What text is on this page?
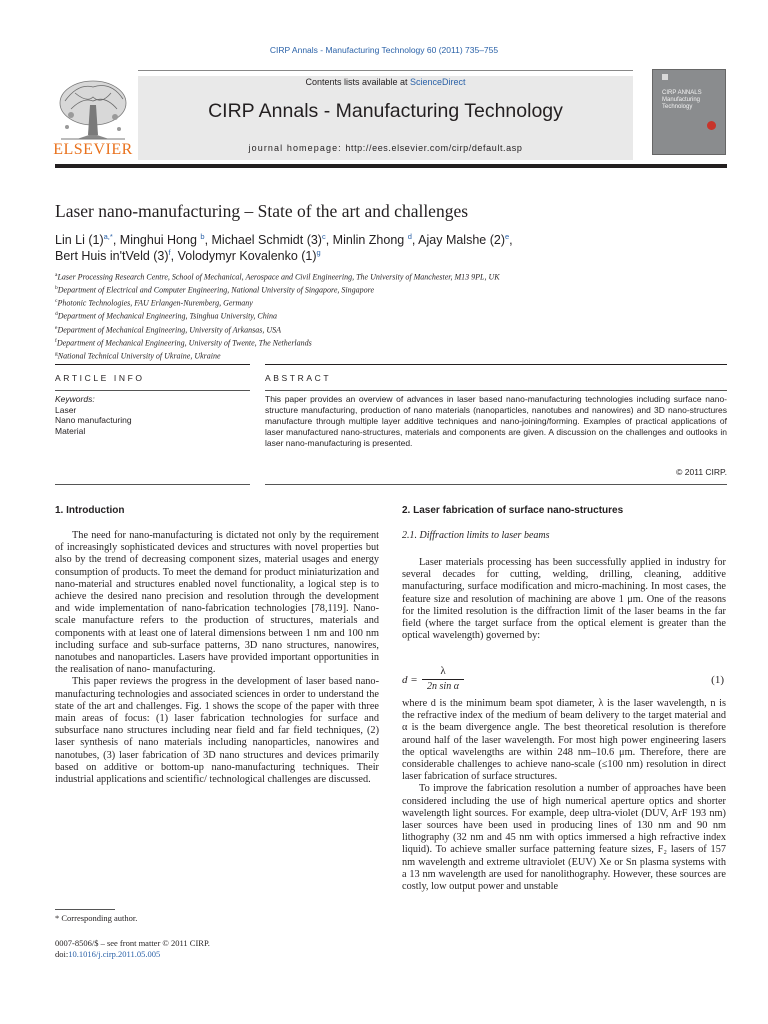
CIRP Annals - Manufacturing Technology 60 (2011) 735–755
Contents lists available at ScienceDirect
CIRP Annals - Manufacturing Technology
journal homepage: http://ees.elsevier.com/cirp/default.asp
ELSEVIER
CIRP ANNALS
Manufacturing
Technology
Laser nano-manufacturing – State of the art and challenges
Lin Li $(1)^{a,*}$, Minghui Hong $^b$, Michael Schmidt $(3)^c$, Minlin Zhong $^d$, Ajay Malshe $(2)^e$,
Bert Huis in'tVeld $(3)^f$, Volodymyr Kovalenko $(1)^g$
$^a$Laser Processing Research Centre, School of Mechanical, Aerospace and Civil Engineering, The University of Manchester, M13 9PL, UK
$^b$Department of Electrical and Computer Engineering, National University of Singapore, Singapore
$^c$Photonic Technologies, FAU Erlangen-Nuremberg, Germany
$^d$Department of Mechanical Engineering, Tsinghua University, China
$^e$Department of Mechanical Engineering, University of Arkansas, USA
$^f$Department of Mechanical Engineering, University of Twente, The Netherlands
$^g$National Technical University of Ukraine, Ukraine
ARTICLE INFO	ABSTRACT
Keywords:
Laser
Nano manufacturing
Material
This paper provides an overview of advances in laser based nano-manufacturing technologies including surface nano-structure manufacturing, production of nano materials (nanoparticles, nanotubes and nanowires) and 3D nano-structures manufacture through multiple layer additive techniques and nano-joining/forming. Examples of practical applications of laser manufactured nano-structures, materials and components are given. A discussion on the challenges and outlooks in laser nano-manufacturing is presented.
© 2011 CIRP.
1. Introduction

The need for nano-manufacturing is dictated not only by the requirement of increasingly sophisticated devices and structures with novel properties but also by the trend of decreasing component sizes, material usages and energy consumption of products. To meet the demand for product miniaturization and nano-material and structures enabled novel functionality, a logical step is to achieve the desired nano precision and resolution through the development and wide implementation of nano-fabrication technologies [78,119]. Nano-scale manufacture refers to the production of structures, materials and components with at least one of lateral dimensions between 1 nm and 100 nm including surface and sub-surface patterns, 3D nano structures, nanowires, nanotubes and nanoparticles. Lasers have provided important opportunities in the realisation of nano- manufacturing.

This paper reviews the progress in the development of laser based nano-manufacturing technologies and associated sciences in order to understand the state of the art and challenges. Fig. 1 shows the scope of the paper with three main areas of focus: (1) laser fabrication technologies for surface and subsurface nano structures including near field and far field techniques, (2) laser synthesis of nano materials including nanoparticles, nanowires and nanotubes, (3) laser fabrication of 3D nano structures and devices primarily based on additive or bottom-up nano-manufacturing techniques. Their industrial applications and scientific/ technological challenges are discussed.

2. Laser fabrication of surface nano-structures
2.1. Diffraction limits to laser beams

Laser materials processing has been successfully applied in industry for several decades for cutting, welding, drilling, cleaning, additive manufacturing, surface modification and micro-machining. In most cases, the feature size and resolution of machining are above 1 μm. One of the reasons for the limited resolution is the diffraction limit of the laser beams in the far field (where the target surface from the optical element is greater than the optical wavelength) governed by:

d =
λ
2n sin α
(1)

where d is the minimum beam spot diameter, λ is the laser wavelength, n is the refractive index of the medium of beam delivery to the target material and α is the beam divergence angle. The best theoretical resolution is therefore around half of the laser wavelength. For most high power engineering lasers the optical wavelengths are within 248 nm–10.6 μm. Therefore, there are considerable challenges to achieve nano-scale (≤100 nm) resolution in direct laser fabrication of surface structures.

To improve the fabrication resolution a number of approaches have been considered including the use of high numerical aperture optics and shorter wavelength light sources. For example, deep ultra-violet (DUV, ArF 193 nm) laser sources have been used in producing lines of 130 nm and 90 nm lithography (32 nm and 45 nm with optics immersed a high refractive index liquid). To achieve smaller surface patterning feature sizes, F₂ lasers of 157 nm wavelength and extreme ultraviolet (EUV) Xe or Sn plasma systems with a 13 nm wavelength are used for nanolithography. However, these sources are costly, low output power and unstable

* Corresponding author.
0007-8506/$ – see front matter © 2011 CIRP.
doi:10.1016/j.cirp.2011.05.005
